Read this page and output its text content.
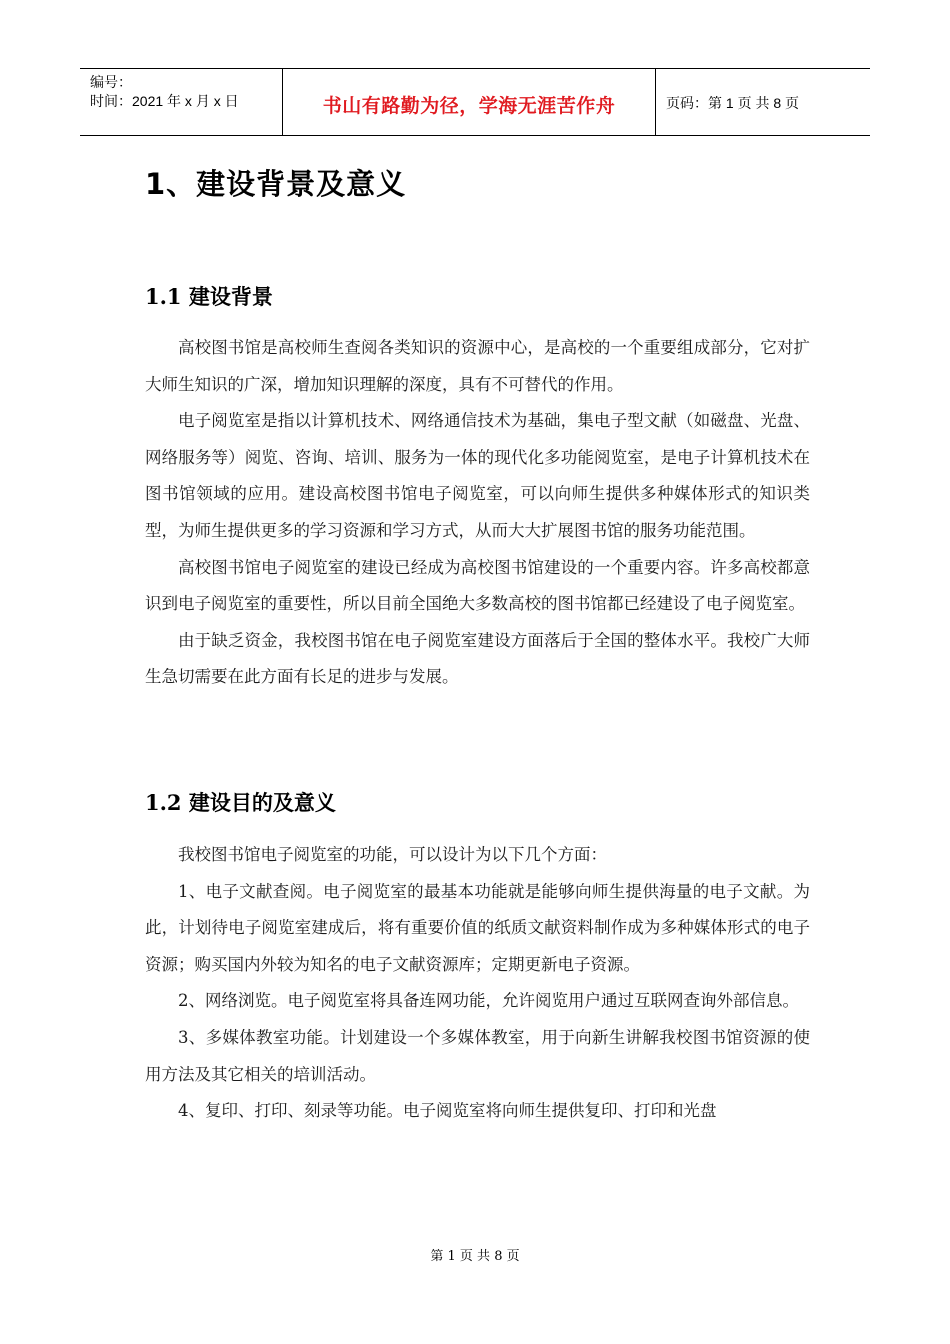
编号：
时间：2021 年 x 月 x 日	书山有路勤为径，学海无涯苦作舟	页码：第 1 页 共 8 页
1、建设背景及意义
1.1 建设背景

高校图书馆是高校师生查阅各类知识的资源中心，是高校的一个重要组成部分，它对扩大师生知识的广深，增加知识理解的深度，具有不可替代的作用。

电子阅览室是指以计算机技术、网络通信技术为基础，集电子型文献（如磁盘、光盘、网络服务等）阅览、咨询、培训、服务为一体的现代化多功能阅览室，是电子计算机技术在图书馆领域的应用。建设高校图书馆电子阅览室，可以向师生提供多种媒体形式的知识类型，为师生提供更多的学习资源和学习方式，从而大大扩展图书馆的服务功能范围。

高校图书馆电子阅览室的建设已经成为高校图书馆建设的一个重要内容。许多高校都意识到电子阅览室的重要性，所以目前全国绝大多数高校的图书馆都已经建设了电子阅览室。

由于缺乏资金，我校图书馆在电子阅览室建设方面落后于全国的整体水平。我校广大师生急切需要在此方面有长足的进步与发展。

1.2 建设目的及意义

我校图书馆电子阅览室的功能，可以设计为以下几个方面：

1、电子文献查阅。电子阅览室的最基本功能就是能够向师生提供海量的电子文献。为此，计划待电子阅览室建成后，将有重要价值的纸质文献资料制作成为多种媒体形式的电子资源；购买国内外较为知名的电子文献资源库；定期更新电子资源。

2、网络浏览。电子阅览室将具备连网功能，允许阅览用户通过互联网查询外部信息。

3、多媒体教室功能。计划建设一个多媒体教室，用于向新生讲解我校图书馆资源的使用方法及其它相关的培训活动。

4、复印、打印、刻录等功能。电子阅览室将向师生提供复印、打印和光盘

第 1 页 共 8 页
